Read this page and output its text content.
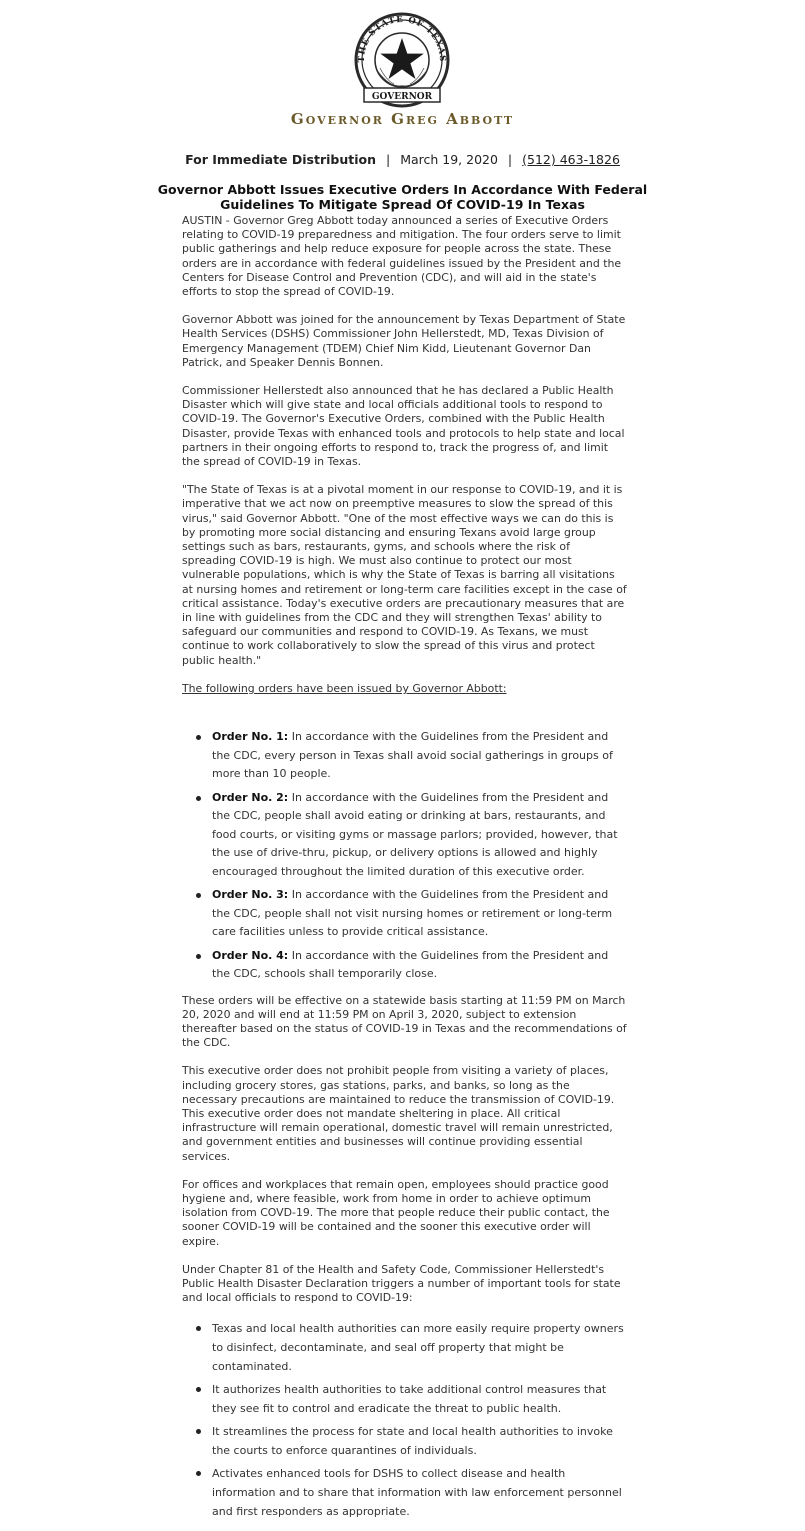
GOVERNOR
THE STATE OF TEXAS
Governor Greg Abbott
For Immediate Distribution | March 19, 2020 | (512) 463-1826
Governor Abbott Issues Executive Orders In Accordance With Federal Guidelines To Mitigate Spread Of COVID-19 In Texas

AUSTIN - Governor Greg Abbott today announced a series of Executive Orders relating to COVID-19 preparedness and mitigation. The four orders serve to limit public gatherings and help reduce exposure for people across the state. These orders are in accordance with federal guidelines issued by the President and the Centers for Disease Control and Prevention (CDC), and will aid in the state's efforts to stop the spread of COVID-19.

Governor Abbott was joined for the announcement by Texas Department of State Health Services (DSHS) Commissioner John Hellerstedt, MD, Texas Division of Emergency Management (TDEM) Chief Nim Kidd, Lieutenant Governor Dan Patrick, and Speaker Dennis Bonnen.

Commissioner Hellerstedt also announced that he has declared a Public Health Disaster which will give state and local officials additional tools to respond to COVID-19. The Governor's Executive Orders, combined with the Public Health Disaster, provide Texas with enhanced tools and protocols to help state and local partners in their ongoing efforts to respond to, track the progress of, and limit the spread of COVID-19 in Texas.

"The State of Texas is at a pivotal moment in our response to COVID-19, and it is imperative that we act now on preemptive measures to slow the spread of this virus," said Governor Abbott. "One of the most effective ways we can do this is by promoting more social distancing and ensuring Texans avoid large group settings such as bars, restaurants, gyms, and schools where the risk of spreading COVID-19 is high. We must also continue to protect our most vulnerable populations, which is why the State of Texas is barring all visitations at nursing homes and retirement or long-term care facilities except in the case of critical assistance. Today's executive orders are precautionary measures that are in line with guidelines from the CDC and they will strengthen Texas' ability to safeguard our communities and respond to COVID-19. As Texans, we must continue to work collaboratively to slow the spread of this virus and protect public health."

The following orders have been issued by Governor Abbott:

Order No. 1: In accordance with the Guidelines from the President and the CDC, every person in Texas shall avoid social gatherings in groups of more than 10 people.
Order No. 2: In accordance with the Guidelines from the President and the CDC, people shall avoid eating or drinking at bars, restaurants, and food courts, or visiting gyms or massage parlors; provided, however, that the use of drive-thru, pickup, or delivery options is allowed and highly encouraged throughout the limited duration of this executive order.
Order No. 3: In accordance with the Guidelines from the President and the CDC, people shall not visit nursing homes or retirement or long-term care facilities unless to provide critical assistance.
Order No. 4: In accordance with the Guidelines from the President and the CDC, schools shall temporarily close.

These orders will be effective on a statewide basis starting at 11:59 PM on March 20, 2020 and will end at 11:59 PM on April 3, 2020, subject to extension thereafter based on the status of COVID-19 in Texas and the recommendations of the CDC.

This executive order does not prohibit people from visiting a variety of places, including grocery stores, gas stations, parks, and banks, so long as the necessary precautions are maintained to reduce the transmission of COVID-19. This executive order does not mandate sheltering in place. All critical infrastructure will remain operational, domestic travel will remain unrestricted, and government entities and businesses will continue providing essential services.

For offices and workplaces that remain open, employees should practice good hygiene and, where feasible, work from home in order to achieve optimum isolation from COVD-19. The more that people reduce their public contact, the sooner COVID-19 will be contained and the sooner this executive order will expire.

Under Chapter 81 of the Health and Safety Code, Commissioner Hellerstedt's Public Health Disaster Declaration triggers a number of important tools for state and local officials to respond to COVID-19:

Texas and local health authorities can more easily require property owners to disinfect, decontaminate, and seal off property that might be contaminated.
It authorizes health authorities to take additional control measures that they see fit to control and eradicate the threat to public health.
It streamlines the process for state and local health authorities to invoke the courts to enforce quarantines of individuals.
Activates enhanced tools for DSHS to collect disease and health information and to share that information with law enforcement personnel and first responders as appropriate.
